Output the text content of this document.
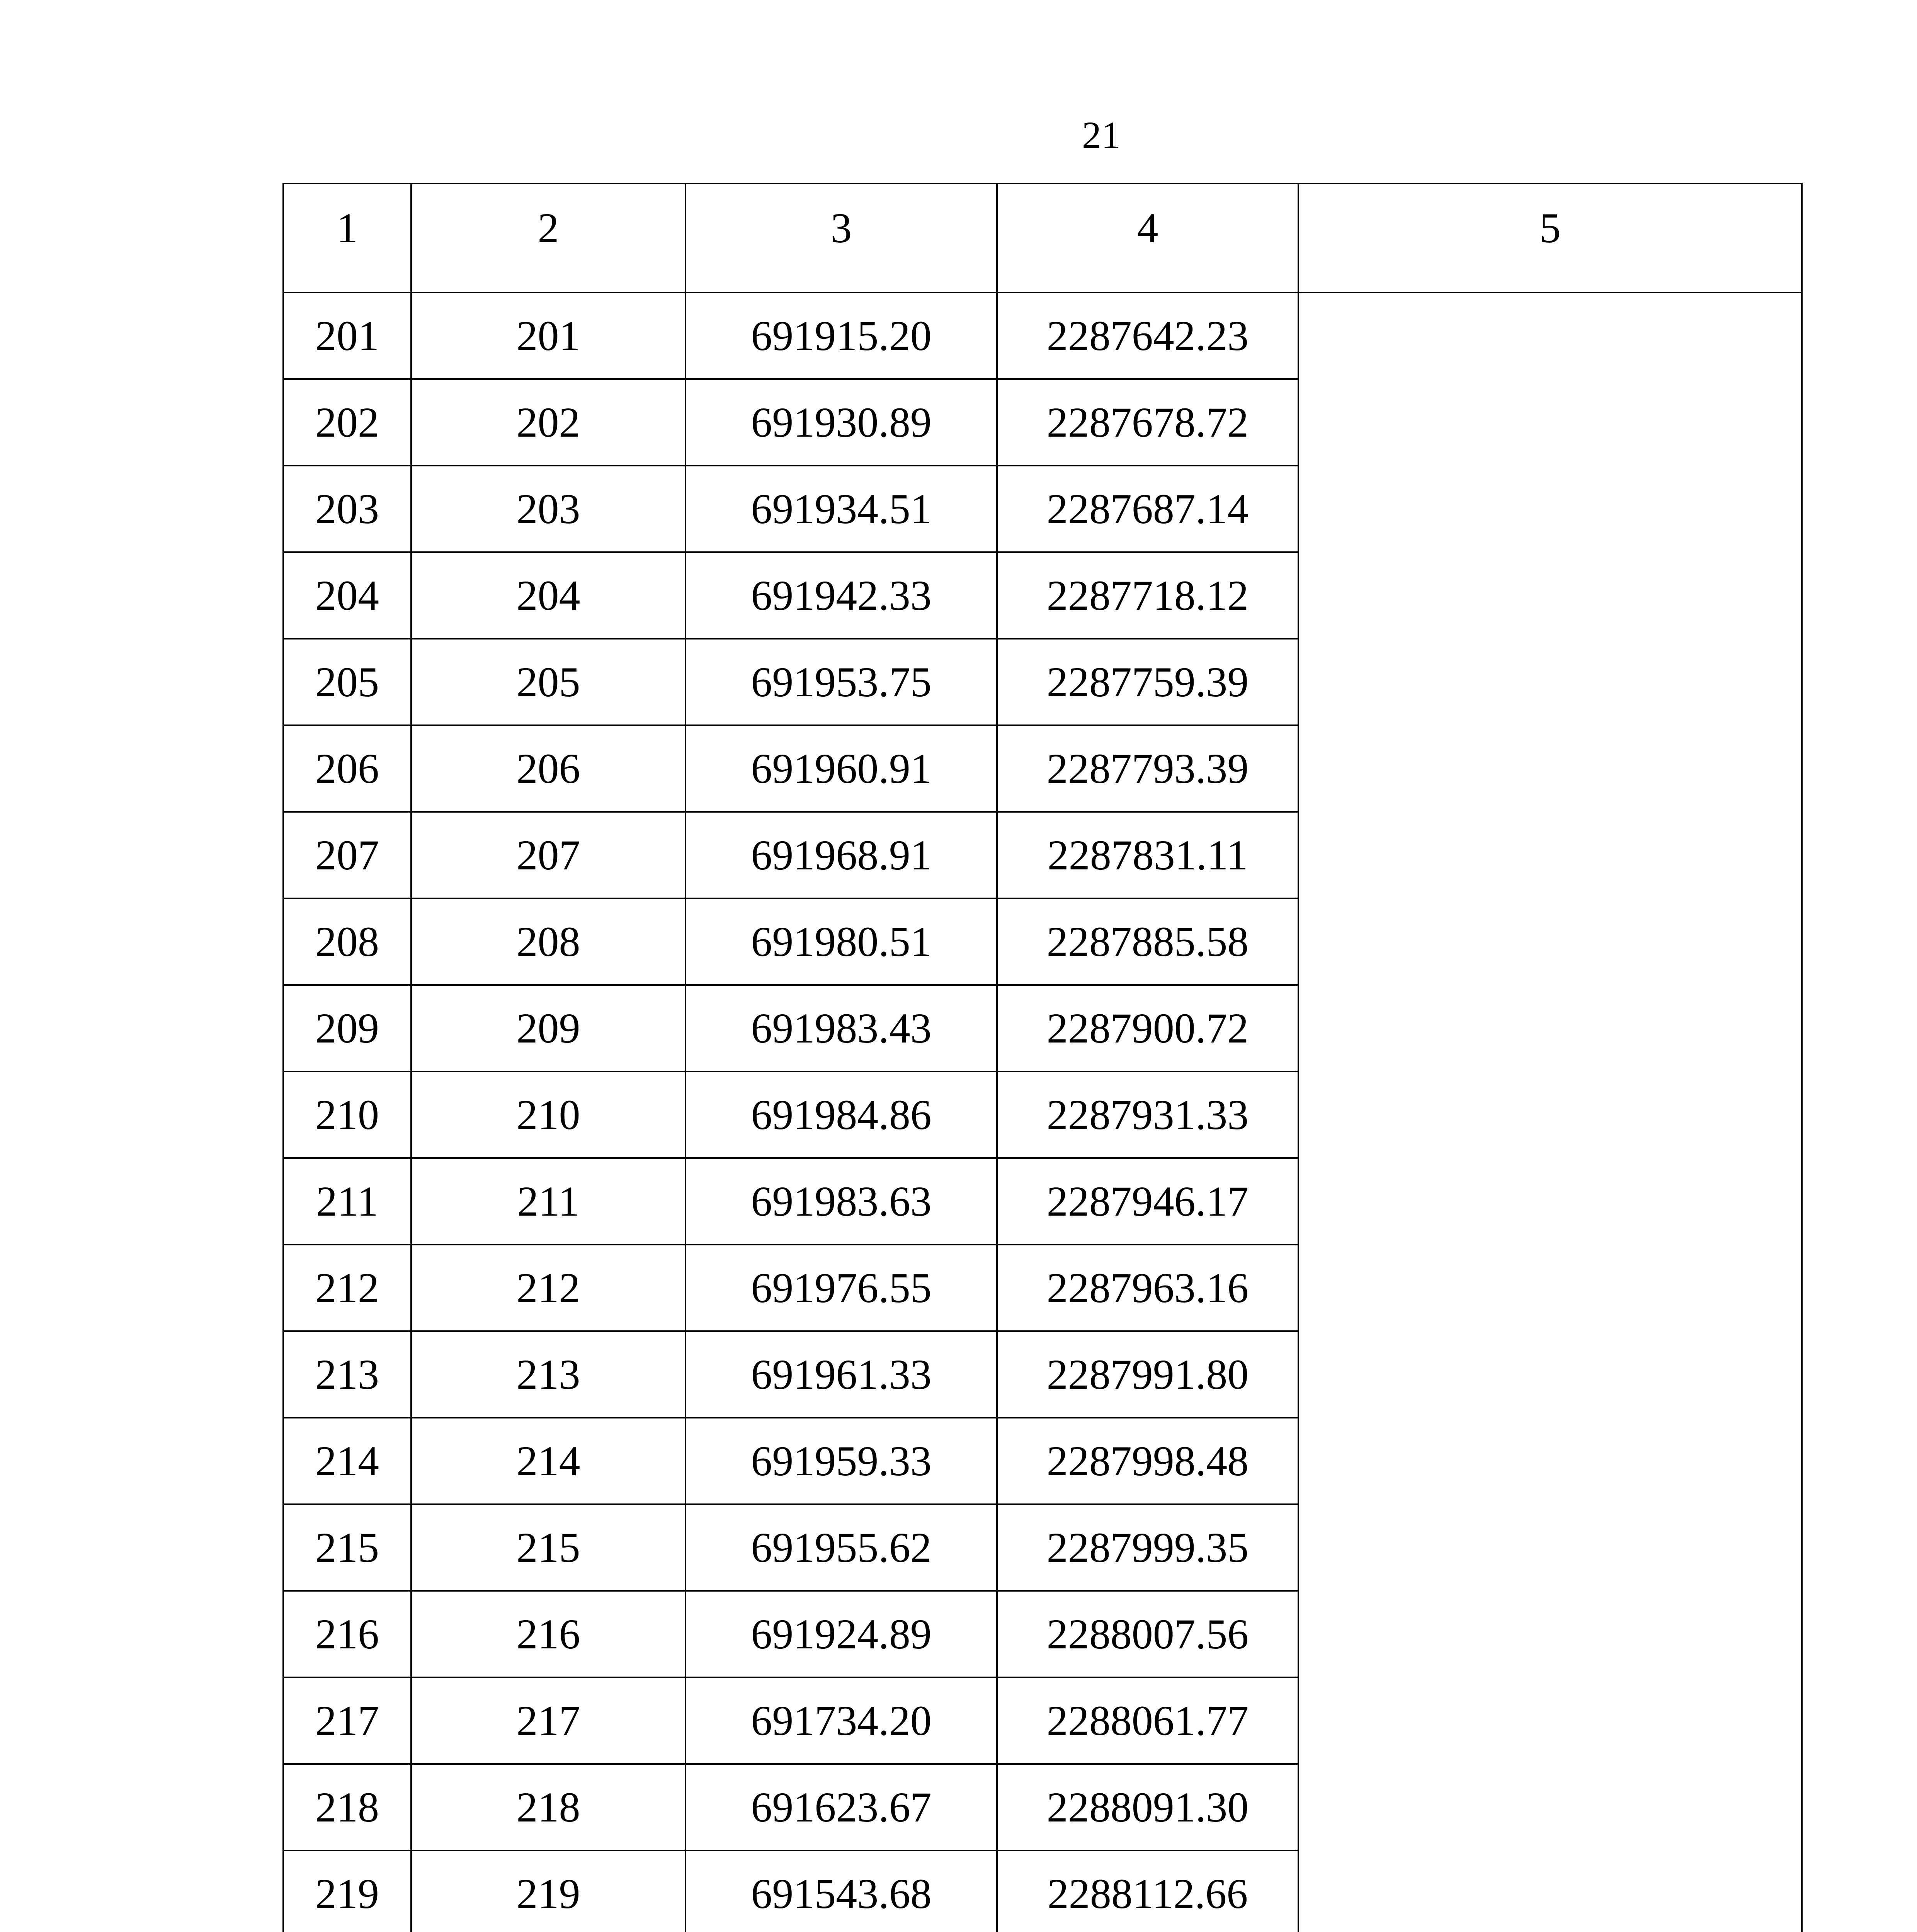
21
1	2	3	4	5
201	201	691915.20	2287642.23	
202	202	691930.89	2287678.72	
203	203	691934.51	2287687.14	
204	204	691942.33	2287718.12	
205	205	691953.75	2287759.39	
206	206	691960.91	2287793.39	
207	207	691968.91	2287831.11	
208	208	691980.51	2287885.58	
209	209	691983.43	2287900.72	
210	210	691984.86	2287931.33	
211	211	691983.63	2287946.17	
212	212	691976.55	2287963.16	
213	213	691961.33	2287991.80	
214	214	691959.33	2287998.48	
215	215	691955.62	2287999.35	
216	216	691924.89	2288007.56	
217	217	691734.20	2288061.77	
218	218	691623.67	2288091.30	
219	219	691543.68	2288112.66	
